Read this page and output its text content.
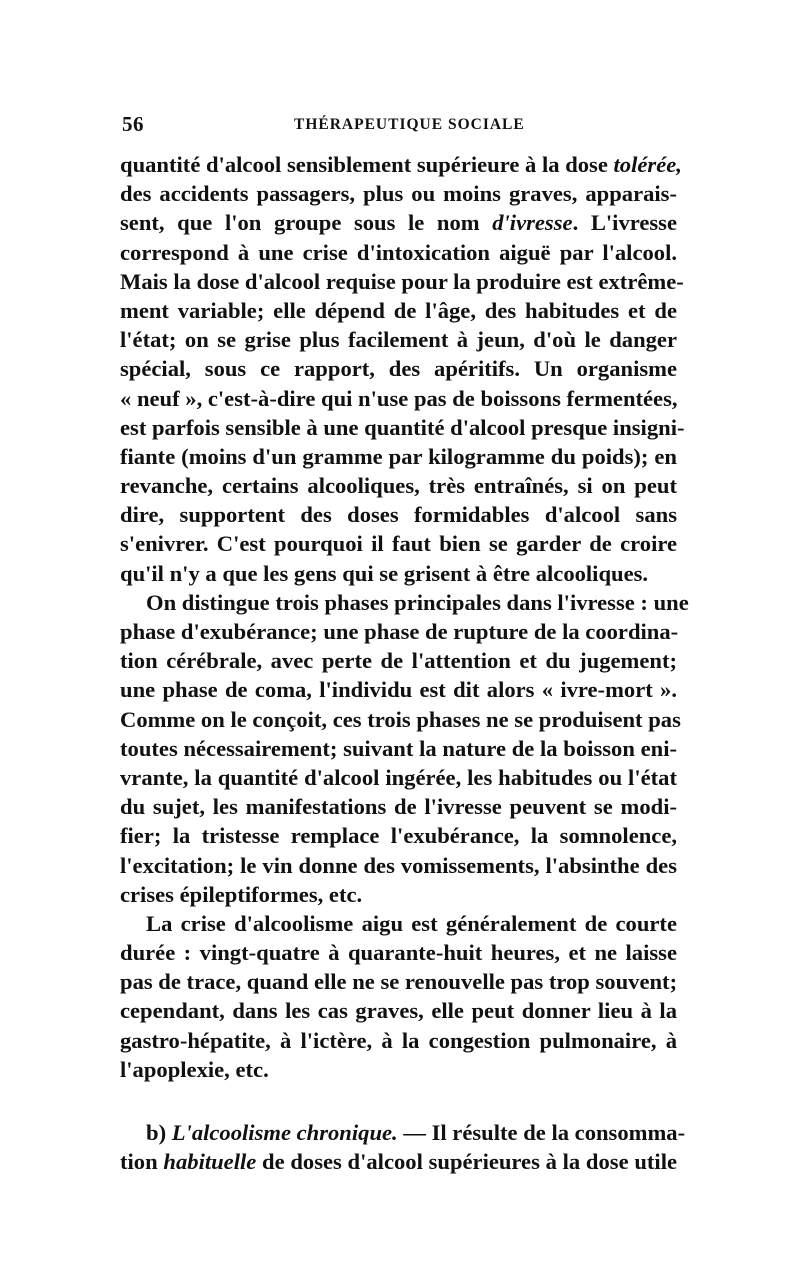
56	THÉRAPEUTIQUE SOCIALE
quantité d'alcool sensiblement supérieure à la dose tolérée,
des accidents passagers, plus ou moins graves, apparais-
sent, que l'on groupe sous le nom d'ivresse. L'ivresse
correspond à une crise d'intoxication aiguë par l'alcool.
Mais la dose d'alcool requise pour la produire est extrême-
ment variable; elle dépend de l'âge, des habitudes et de
l'état; on se grise plus facilement à jeun, d'où le danger
spécial, sous ce rapport, des apéritifs. Un organisme
« neuf », c'est-à-dire qui n'use pas de boissons fermentées,
est parfois sensible à une quantité d'alcool presque insigni-
fiante (moins d'un gramme par kilogramme du poids); en
revanche, certains alcooliques, très entraînés, si on peut
dire, supportent des doses formidables d'alcool sans
s'enivrer. C'est pourquoi il faut bien se garder de croire
qu'il n'y a que les gens qui se grisent à être alcooliques.
On distingue trois phases principales dans l'ivresse : une
phase d'exubérance; une phase de rupture de la coordina-
tion cérébrale, avec perte de l'attention et du jugement;
une phase de coma, l'individu est dit alors « ivre-mort ».
Comme on le conçoit, ces trois phases ne se produisent pas
toutes nécessairement; suivant la nature de la boisson eni-
vrante, la quantité d'alcool ingérée, les habitudes ou l'état
du sujet, les manifestations de l'ivresse peuvent se modi-
fier; la tristesse remplace l'exubérance, la somnolence,
l'excitation; le vin donne des vomissements, l'absinthe des
crises épileptiformes, etc.
La crise d'alcoolisme aigu est généralement de courte
durée : vingt-quatre à quarante-huit heures, et ne laisse
pas de trace, quand elle ne se renouvelle pas trop souvent;
cependant, dans les cas graves, elle peut donner lieu à la
gastro-hépatite, à l'ictère, à la congestion pulmonaire, à
l'apoplexie, etc.
b) L'alcoolisme chronique. — Il résulte de la consomma-
tion habituelle de doses d'alcool supérieures à la dose utile
